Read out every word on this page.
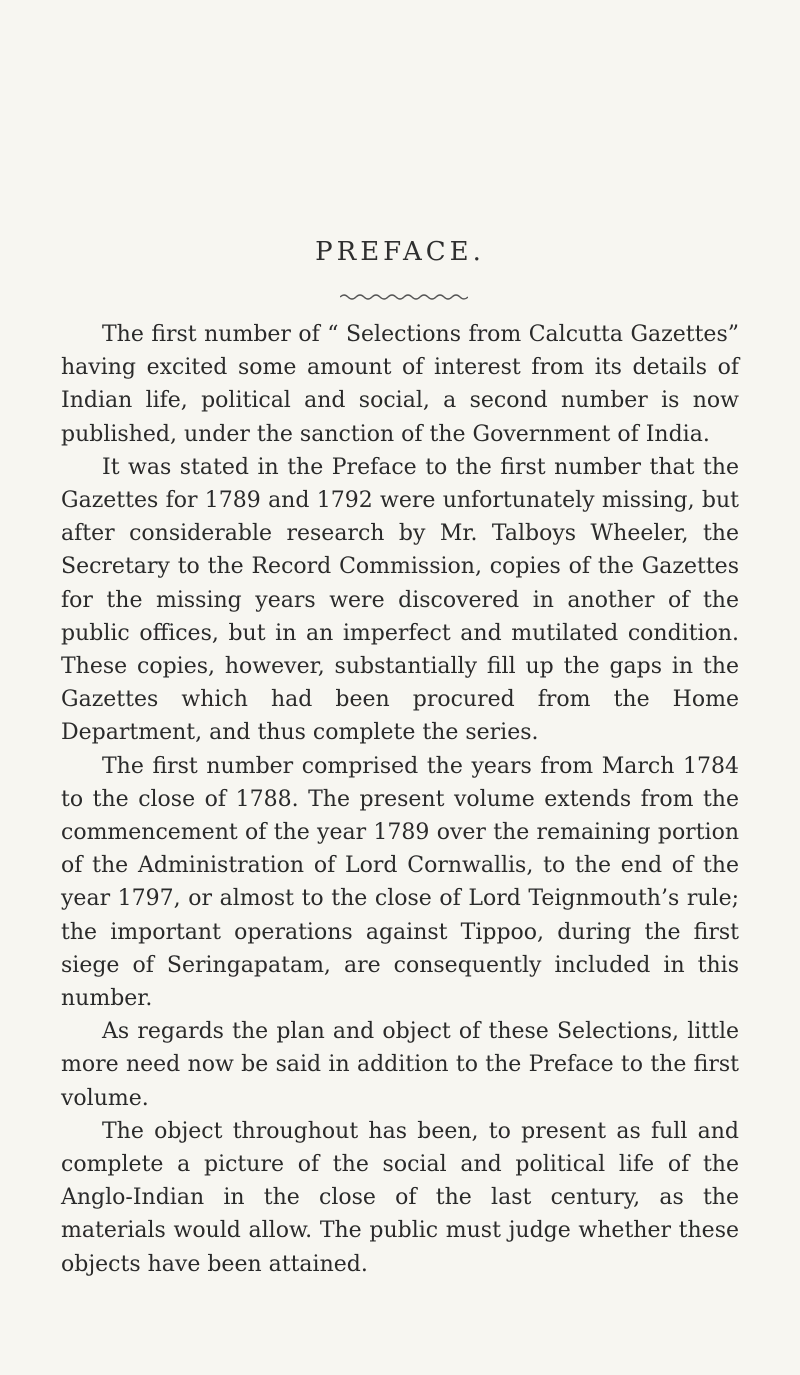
PREFACE.

The first number of “ Selections from Calcutta Gazettes” having excited some amount of interest from its details of Indian life, political and social, a second number is now published, under the sanction of the Government of India.

It was stated in the Preface to the first number that the Gazettes for 1789 and 1792 were unfortunately missing, but after considerable research by Mr. Talboys Wheeler, the Secretary to the Record Commission, copies of the Gazettes for the missing years were discovered in another of the public offices, but in an imperfect and mutilated condition. These copies, however, substantially fill up the gaps in the Gazettes which had been procured from the Home Department, and thus complete the series.

The first number comprised the years from March 1784 to the close of 1788. The present volume extends from the commencement of the year 1789 over the remaining portion of the Administration of Lord Cornwallis, to the end of the year 1797, or almost to the close of Lord Teignmouth’s rule; the important operations against Tippoo, during the first siege of Seringapatam, are consequently included in this number.

As regards the plan and object of these Selections, little more need now be said in addition to the Preface to the first volume.

The object throughout has been, to present as full and complete a picture of the social and political life of the Anglo-Indian in the close of the last century, as the materials would allow. The public must judge whether these objects have been attained.
